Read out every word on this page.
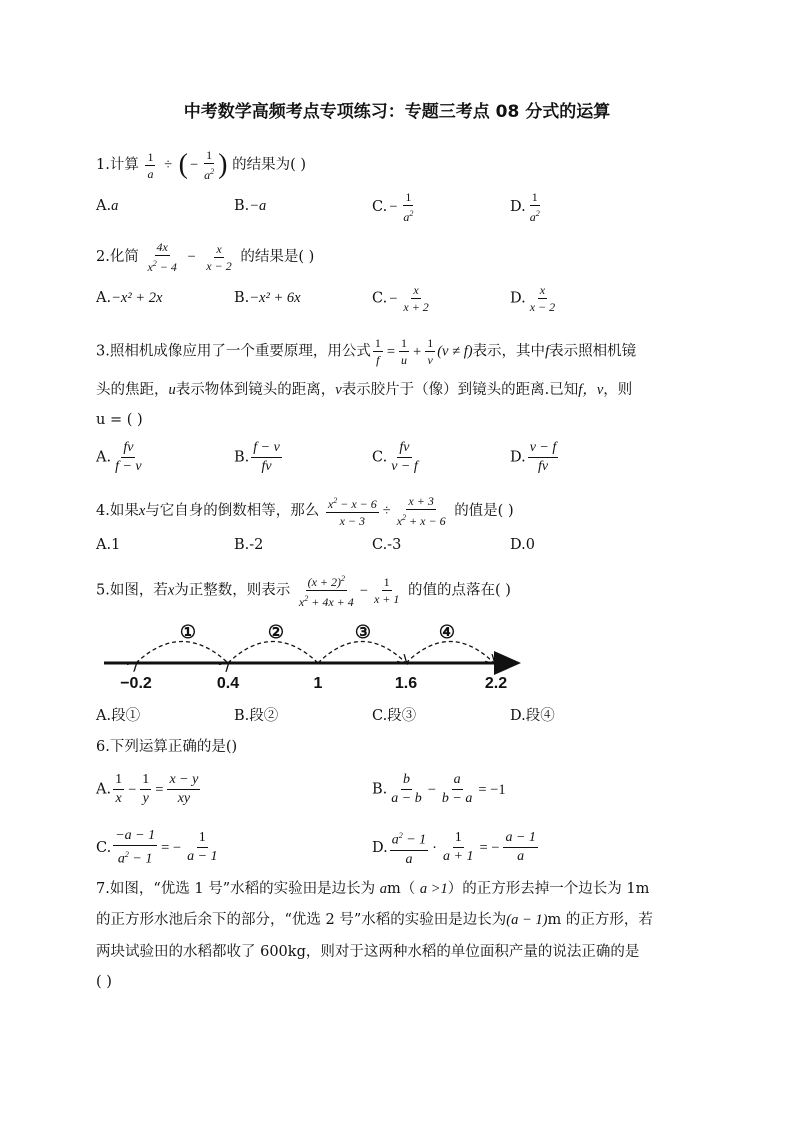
中考数学高频考点专项练习：专题三考点 08 分式的运算
1.计算 $\frac{1}{a}$ ÷ ( − $\frac{1}{a^2}$ ) 的结果为( )
A.a	B.−a	C. − $\frac{1}{a^2}$	D. $\frac{1}{a^2}$
2.化简 $\frac{4x}{x^2 - 4} - \frac{x}{x - 2}$ 的结果是( )
A.−x² + 2x	B.−x² + 6x	C. − $\frac{x}{x + 2}$	D. $\frac{x}{x - 2}$
3.照相机成像应用了一个重要原理，用公式 $\frac{1}{f} = \frac{1}{u} + \frac{1}{v} (v \ne f)$表示，其中f表示照相机镜
头的焦距，u表示物体到镜头的距离，v表示胶片于（像）到镜头的距离.已知f，v，则
u = ( )
A. $\frac{fv}{f - v}$	B. $\frac{f - v}{fv}$	C. $\frac{fv}{v - f}$	D. $\frac{v - f}{fv}$
4.如果x与它自身的倒数相等，那么 $\frac{x^2 - x - 6}{x - 3} \div \frac{x + 3}{x^2 + x - 6}$ 的值是( )
A.1	B.-2	C.-3	D.0
5.如图，若x为正整数，则表示 $\frac{(x + 2)^2}{x^2 + 4x + 4} - \frac{1}{x + 1}$ 的值的点落在( )
①	②	③	④
−0.2	0.4	1	1.6	2.2
A.段①	B.段②	C.段③	D.段④
6.下列运算正确的是()
A. $\frac{1}{x} - \frac{1}{y} = \frac{x - y}{xy}$	B. $\frac{b}{a - b} - \frac{a}{b - a} = -1$
C. $\frac{-a - 1}{a^2 - 1}$ = − $\frac{1}{a - 1}$	D. $\frac{a^2 - 1}{a} \cdot \frac{1}{a + 1}$ = − $\frac{a - 1}{a}$
7.如图，“优选 1 号”水稻的实验田是边长为 am（ a >1）的正方形去掉一个边长为 1m
的正方形水池后余下的部分，“优选 2 号”水稻的实验田是边长为(a − 1)m 的正方形，若
两块试验田的水稻都收了 600kg，则对于这两种水稻的单位面积产量的说法正确的是
( )
